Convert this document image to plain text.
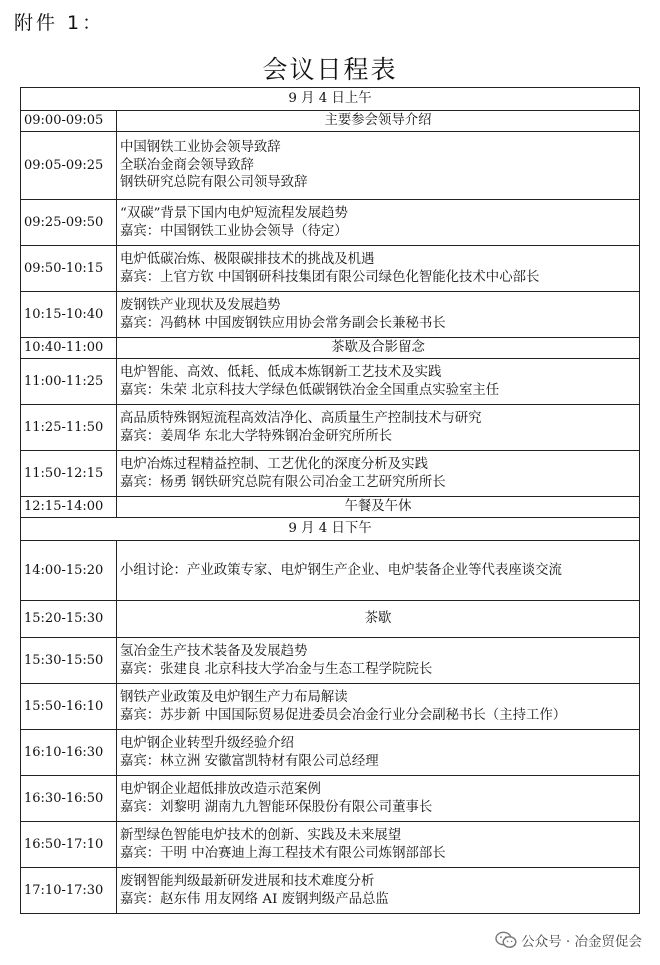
附件 1：
会议日程表
9 月 4 日上午	
09:00-09:05	主要参会领导介绍
09:05-09:25	中国钢铁工业协会领导致辞
全联冶金商会领导致辞
钢铁研究总院有限公司领导致辞

09:25-09:50	“双碳”背景下国内电炉短流程发展趋势
嘉宾：中国钢铁工业协会领导（待定）

09:50-10:15	电炉低碳冶炼、极限碳排技术的挑战及机遇
嘉宾：上官方钦 中国钢研科技集团有限公司绿色化智能化技术中心部长

10:15-10:40	废钢铁产业现状及发展趋势
嘉宾：冯鹤林 中国废钢铁应用协会常务副会长兼秘书长

10:40-11:00	茶歇及合影留念
11:00-11:25	电炉智能、高效、低耗、低成本炼钢新工艺技术及实践
嘉宾：朱荣 北京科技大学绿色低碳钢铁冶金全国重点实验室主任

11:25-11:50	高品质特殊钢短流程高效洁净化、高质量生产控制技术与研究
嘉宾：姜周华 东北大学特殊钢冶金研究所所长

11:50-12:15	电炉冶炼过程精益控制、工艺优化的深度分析及实践
嘉宾：杨勇 钢铁研究总院有限公司冶金工艺研究所所长

12:15-14:00	午餐及午休
9 月 4 日下午	
14:00-15:20	小组讨论：产业政策专家、电炉钢生产企业、电炉装备企业等代表座谈交流

15:20-15:30	茶歇
15:30-15:50	氢冶金生产技术装备及发展趋势
嘉宾：张建良 北京科技大学冶金与生态工程学院院长

15:50-16:10	钢铁产业政策及电炉钢生产力布局解读
嘉宾：苏步新 中国国际贸易促进委员会冶金行业分会副秘书长（主持工作）

16:10-16:30	电炉钢企业转型升级经验介绍
嘉宾：林立洲 安徽富凯特材有限公司总经理

16:30-16:50	电炉钢企业超低排放改造示范案例
嘉宾：刘黎明 湖南九九智能环保股份有限公司董事长

16:50-17:10	新型绿色智能电炉技术的创新、实践及未来展望
嘉宾：干明 中冶赛迪上海工程技术有限公司炼钢部部长

17:10-17:30	废钢智能判级最新研发进展和技术难度分析
嘉宾：赵东伟 用友网络 AI 废钢判级产品总监
公众号 · 冶金贸促会
